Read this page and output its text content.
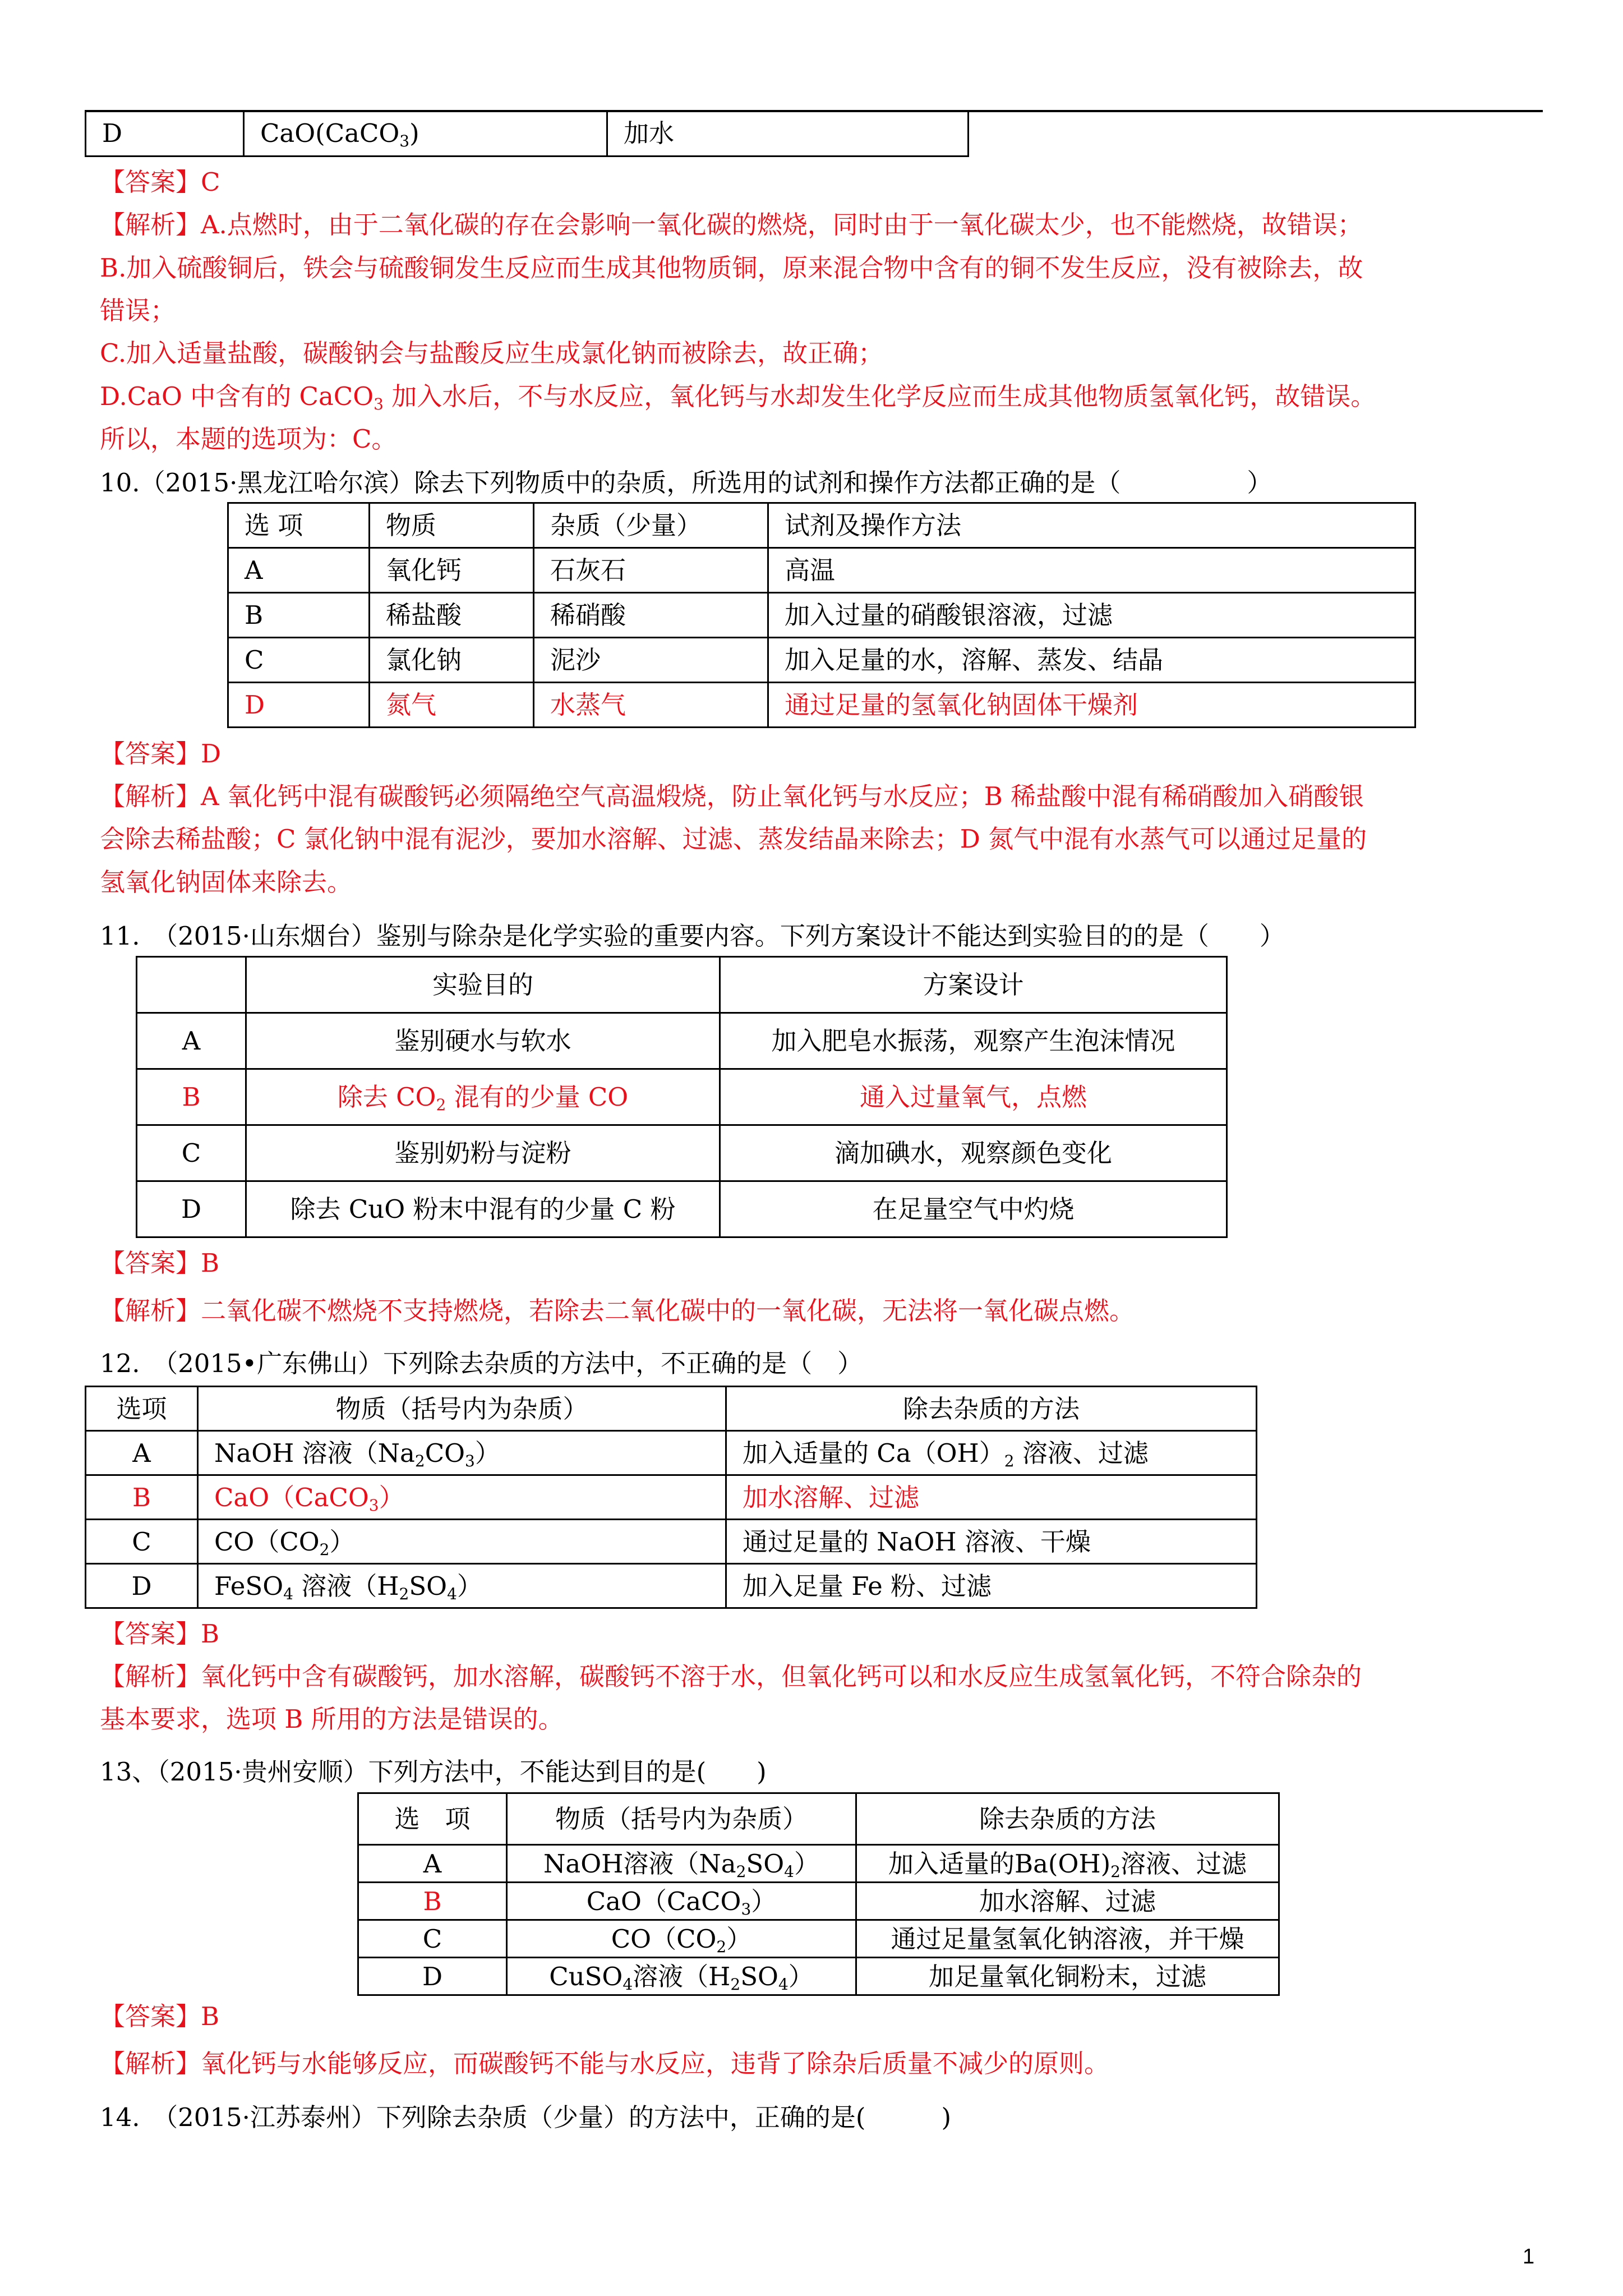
D	CaO(CaCO$_3$)	加水
【答案】C
【解析】A.点燃时，由于二氧化碳的存在会影响一氧化碳的燃烧，同时由于一氧化碳太少，也不能燃烧，故错误；
B.加入硫酸铜后，铁会与硫酸铜发生反应而生成其他物质铜，原来混合物中含有的铜不发生反应，没有被除去，故
错误；
C.加入适量盐酸，碳酸钠会与盐酸反应生成氯化钠而被除去，故正确；
D.CaO 中含有的 CaCO$_3$ 加入水后，不与水反应，氧化钙与水却发生化学反应而生成其他物质氢氧化钙，故错误。
所以，本题的选项为：C。
10.（2015·黑龙江哈尔滨）除去下列物质中的杂质，所选用的试剂和操作方法都正确的是（　　　　　）
选 项	物质	杂质（少量）	试剂及操作方法
A	氧化钙	石灰石	高温
B	稀盐酸	稀硝酸	加入过量的硝酸银溶液，过滤
C	氯化钠	泥沙	加入足量的水，溶解、蒸发、结晶
D	氮气	水蒸气	通过足量的氢氧化钠固体干燥剂
【答案】D
【解析】A 氧化钙中混有碳酸钙必须隔绝空气高温煅烧，防止氧化钙与水反应；B 稀盐酸中混有稀硝酸加入硝酸银
会除去稀盐酸；C 氯化钠中混有泥沙，要加水溶解、过滤、蒸发结晶来除去；D 氮气中混有水蒸气可以通过足量的
氢氧化钠固体来除去。
11.　（2015·山东烟台）鉴别与除杂是化学实验的重要内容。下列方案设计不能达到实验目的的是（　　）
	实验目的	方案设计
A	鉴别硬水与软水	加入肥皂水振荡，观察产生泡沫情况
B	除去 $CO_2$ 混有的少量 CO	通入过量氧气，点燃
C	鉴别奶粉与淀粉	滴加碘水，观察颜色变化
D	除去 CuO 粉末中混有的少量 C 粉	在足量空气中灼烧
【答案】B
【解析】二氧化碳不燃烧不支持燃烧，若除去二氧化碳中的一氧化碳，无法将一氧化碳点燃。
12.　（2015•广东佛山）下列除去杂质的方法中，不正确的是（　）
选项	物质（括号内为杂质）	除去杂质的方法
A	NaOH 溶液$(Na_2CO_3)$	加入适量的 $Ca(OH)_2$ 溶液、过滤
B	CaO（CaCO$_3$）	加水溶解、过滤
C	$CO(CO_2)$	通过足量的 NaOH 溶液、干燥
D	FeSO$_4$ 溶液$(H_2SO_4)$	加入足量 Fe 粉、过滤
【答案】B
【解析】氧化钙中含有碳酸钙，加水溶解，碳酸钙不溶于水，但氧化钙可以和水反应生成氢氧化钙，不符合除杂的
基本要求，选项 B 所用的方法是错误的。
13、（2015·贵州安顺）下列方法中，不能达到目的是(　　)
选　项	物质（括号内为杂质）	除去杂质的方法
A	NaOH溶液$(Na_2SO_4)$	加入适量的$Ba(OH)_2$溶液、过滤
B	CaO（CaCO$_3$）	加水溶解、过滤
C	$CO(CO_2)$	通过足量氢氧化钠溶液，并干燥
D	CuSO$_4$溶液$(H_2SO_4)$	加足量氧化铜粉末，过滤
【答案】B
【解析】氧化钙与水能够反应，而碳酸钙不能与水反应，违背了除杂后质量不减少的原则。
14.　（2015·江苏泰州）下列除去杂质（少量）的方法中，正确的是(　　　)
1
